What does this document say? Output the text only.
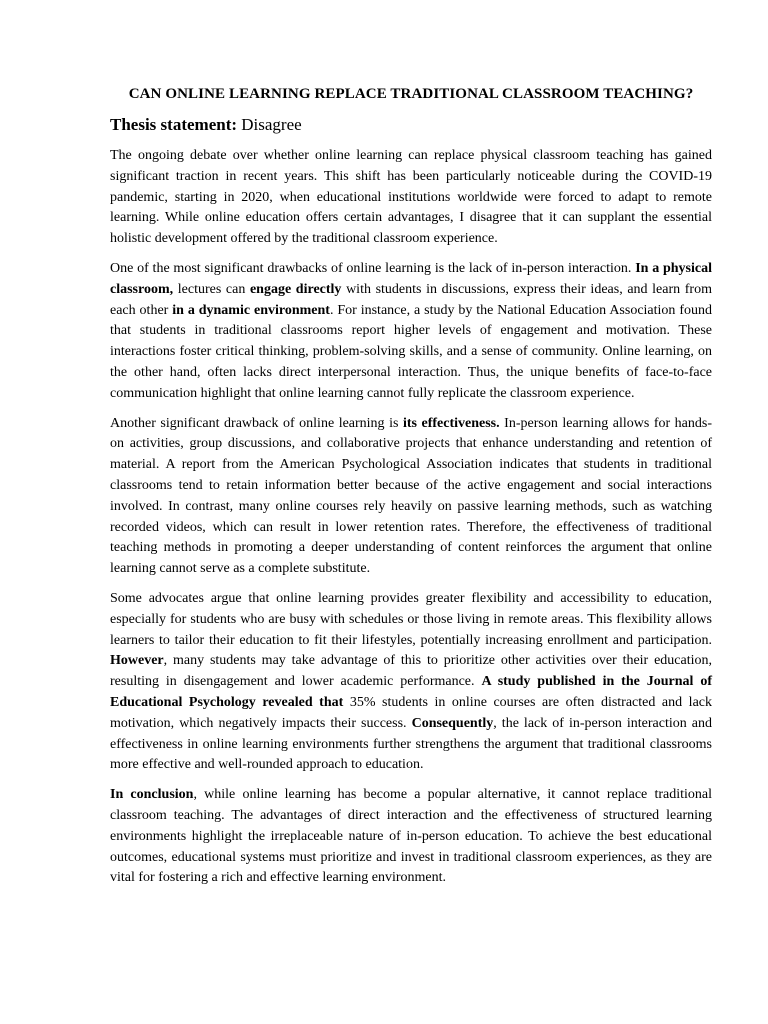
CAN ONLINE LEARNING REPLACE TRADITIONAL CLASSROOM TEACHING?
Thesis statement: Disagree

The ongoing debate over whether online learning can replace physical classroom teaching has gained significant traction in recent years. This shift has been particularly noticeable during the COVID-19 pandemic, starting in 2020, when educational institutions worldwide were forced to adapt to remote learning. While online education offers certain advantages, I disagree that it can supplant the essential holistic development offered by the traditional classroom experience.

One of the most significant drawbacks of online learning is the lack of in-person interaction. In a physical classroom, lectures can engage directly with students in discussions, express their ideas, and learn from each other in a dynamic environment. For instance, a study by the National Education Association found that students in traditional classrooms report higher levels of engagement and motivation. These interactions foster critical thinking, problem-solving skills, and a sense of community. Online learning, on the other hand, often lacks direct interpersonal interaction. Thus, the unique benefits of face-to-face communication highlight that online learning cannot fully replicate the classroom experience.

Another significant drawback of online learning is its effectiveness. In-person learning allows for hands-on activities, group discussions, and collaborative projects that enhance understanding and retention of material. A report from the American Psychological Association indicates that students in traditional classrooms tend to retain information better because of the active engagement and social interactions involved. In contrast, many online courses rely heavily on passive learning methods, such as watching recorded videos, which can result in lower retention rates. Therefore, the effectiveness of traditional teaching methods in promoting a deeper understanding of content reinforces the argument that online learning cannot serve as a complete substitute.

Some advocates argue that online learning provides greater flexibility and accessibility to education, especially for students who are busy with schedules or those living in remote areas. This flexibility allows learners to tailor their education to fit their lifestyles, potentially increasing enrollment and participation. However, many students may take advantage of this to prioritize other activities over their education, resulting in disengagement and lower academic performance. A study published in the Journal of Educational Psychology revealed that 35% students in online courses are often distracted and lack motivation, which negatively impacts their success. Consequently, the lack of in-person interaction and effectiveness in online learning environments further strengthens the argument that traditional classrooms more effective and well-rounded approach to education.

In conclusion, while online learning has become a popular alternative, it cannot replace traditional classroom teaching. The advantages of direct interaction and the effectiveness of structured learning environments highlight the irreplaceable nature of in-person education. To achieve the best educational outcomes, educational systems must prioritize and invest in traditional classroom experiences, as they are vital for fostering a rich and effective learning environment.
